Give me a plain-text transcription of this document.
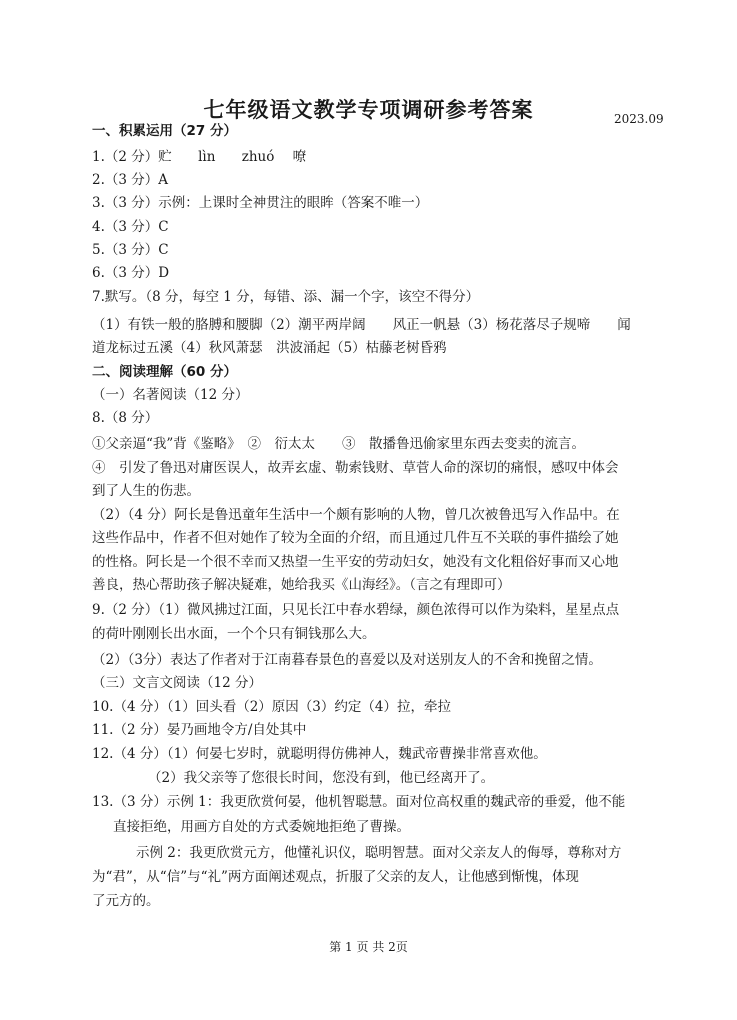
七年级语文教学专项调研参考答案	2023.09
一、积累运用（27 分）
1.（2 分）贮 lìn zhuó 嘹
2.（3 分）A
3.（3 分）示例：上课时全神贯注的眼眸（答案不唯一）
4.（3 分）C
5.（3 分）C
6.（3 分）D
7.默写。（8 分，每空 1 分，每错、添、漏一个字，该空不得分）
（1）有铁一般的胳膊和腰脚（2）潮平两岸阔　　风正一帆悬（3）杨花落尽子规啼　　闻
道龙标过五溪（4）秋风萧瑟　洪波涌起（5）枯藤老树昏鸦
二、阅读理解（60 分）
（一）名著阅读（12 分）
8.（8 分）
①父亲逼“我”背《鉴略》　②　衍太太　　③　散播鲁迅偷家里东西去变卖的流言。
④　引发了鲁迅对庸医误人，故弄玄虚、勒索钱财、草菅人命的深切的痛恨，感叹中体会
到了人生的伤悲。
（2）（4 分）阿长是鲁迅童年生活中一个颇有影响的人物，曾几次被鲁迅写入作品中。在
这些作品中，作者不但对她作了较为全面的介绍，而且通过几件互不关联的事件描绘了她
的性格。阿长是一个很不幸而又热望一生平安的劳动妇女，她没有文化粗俗好事而又心地
善良，热心帮助孩子解决疑难，她给我买《山海经》。（言之有理即可）
9.（2 分）（1）微风拂过江面，只见长江中春水碧绿，颜色浓得可以作为染料，星星点点
的荷叶刚刚长出水面，一个个只有铜钱那么大。
（2）（3分）表达了作者对于江南暮春景色的喜爱以及对送别友人的不舍和挽留之情。
（三）文言文阅读（12 分）
10.（4 分）（1）回头看（2）原因（3）约定（4）拉，牵拉
11.（2 分）晏乃画地令方/自处其中
12.（4 分）（1）何晏七岁时，就聪明得仿佛神人，魏武帝曹操非常喜欢他。
（2）我父亲等了您很长时间，您没有到，他已经离开了。
13.（3 分）示例 1：我更欣赏何晏，他机智聪慧。面对位高权重的魏武帝的垂爱，他不能
直接拒绝，用画方自处的方式委婉地拒绝了曹操。
示例 2：我更欣赏元方，他懂礼识仪，聪明智慧。面对父亲友人的侮辱，尊称对方
为“君”，从“信”与“礼”两方面阐述观点，折服了父亲的友人，让他感到惭愧，体现
了元方的。
第 1 页 共 2页
